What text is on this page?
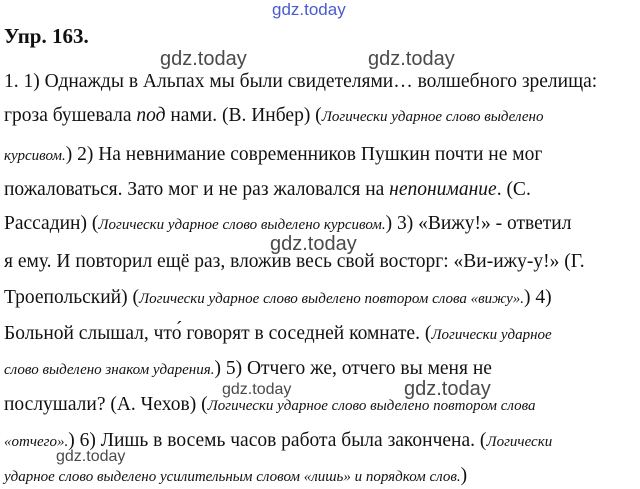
gdz.today
gdz.today	gdz.today
gdz.today
gdz.today	gdz.today
gdz.today
Упр. 163.
1. 1) Однажды в Альпах мы были свидетелями… волшебного зрелища:
гроза бушевала под нами. (В. Инбер) (Логически ударное слово выделено
курсивом.) 2) На невнимание современников Пушкин почти не мог
пожаловаться. Зато мог и не раз жаловался на непонимание. (С.
Рассадин) (Логически ударное слово выделено курсивом.) 3) «Вижу!» - ответил
я ему. И повторил ещё раз, вложив весь свой восторг: «Ви-ижу-у!» (Г.
Троепольский) (Логически ударное слово выделено повтором слова «вижу».) 4)
Больной слышал, что́ говорят в соседней комнате. (Логически ударное
слово выделено знаком ударения.) 5) Отчего же, отчего вы меня не
послушали? (А. Чехов) (Логически ударное слово выделено повтором слова
«отчего».) 6) Лишь в восемь часов работа была закончена. (Логически
ударное слово выделено усилительным словом «лишь» и порядком слов.)
